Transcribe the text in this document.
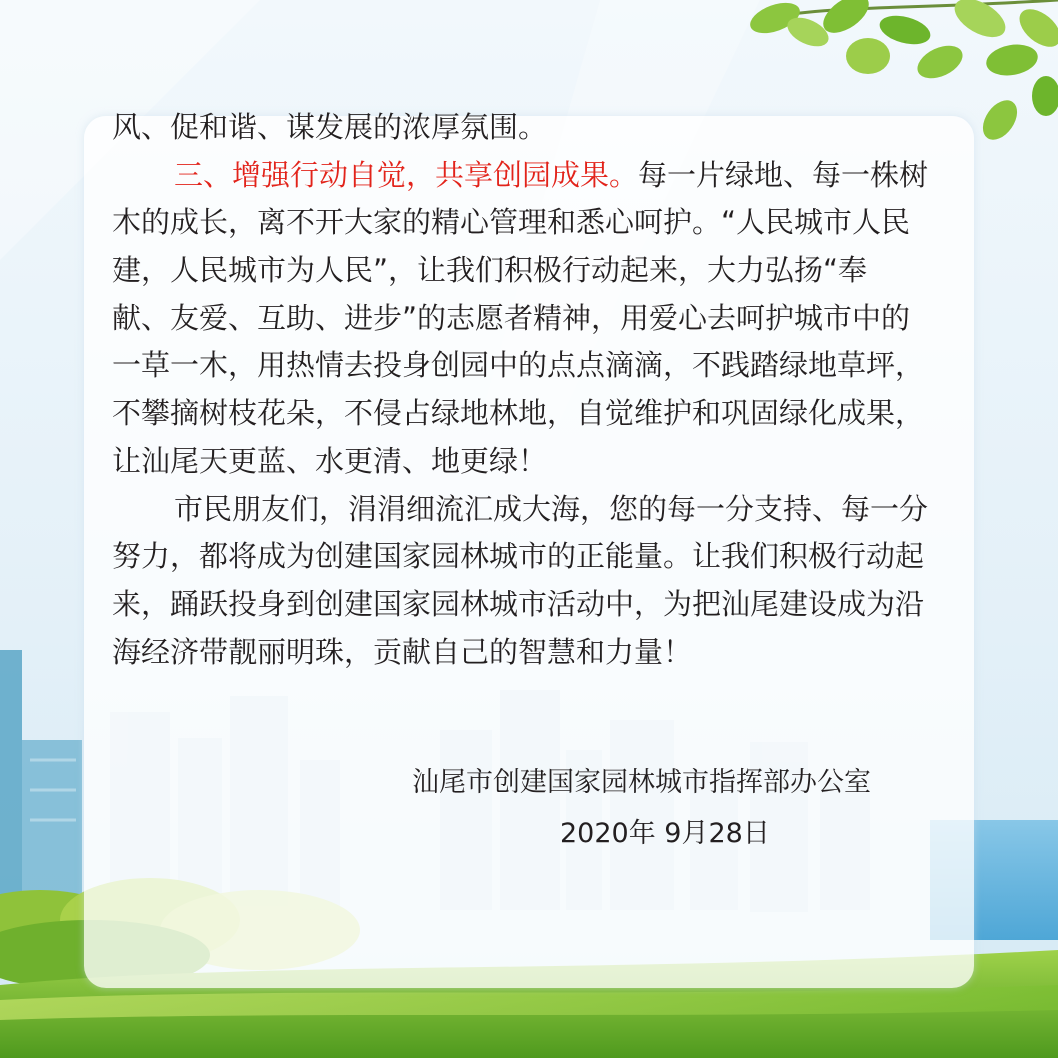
风、促和谐、谋发展的浓厚氛围。
三、增强行动自觉，共享创园成果。每一片绿地、每一株树
木的成长，离不开大家的精心管理和悉心呵护。“人民城市人民
建，人民城市为人民”，让我们积极行动起来，大力弘扬“奉
献、友爱、互助、进步”的志愿者精神，用爱心去呵护城市中的
一草一木，用热情去投身创园中的点点滴滴，不践踏绿地草坪，
不攀摘树枝花朵，不侵占绿地林地，自觉维护和巩固绿化成果，
让汕尾天更蓝、水更清、地更绿！
市民朋友们，涓涓细流汇成大海，您的每一分支持、每一分
努力，都将成为创建国家园林城市的正能量。让我们积极行动起
来，踊跃投身到创建国家园林城市活动中，为把汕尾建设成为沿
海经济带靓丽明珠，贡献自己的智慧和力量！
汕尾市创建国家园林城市指挥部办公室
2020年 9月28日
